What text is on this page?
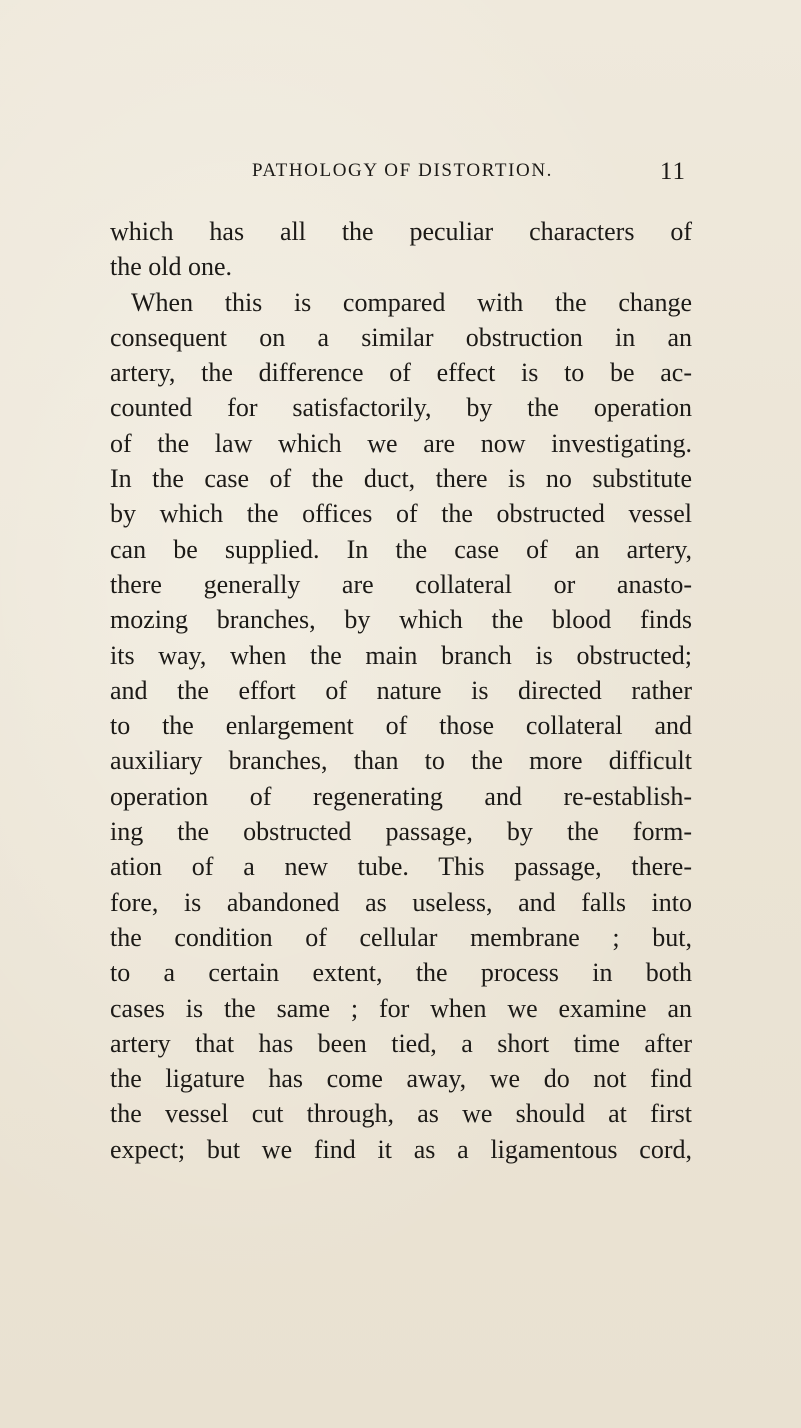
PATHOLOGY OF DISTORTION.	11
which has all the peculiar characters of
the old one.
When this is compared with the change
consequent on a similar obstruction in an
artery, the difference of effect is to be ac-
counted for satisfactorily, by the operation
of the law which we are now investigating.
In the case of the duct, there is no substitute
by which the offices of the obstructed vessel
can be supplied. In the case of an artery,
there generally are collateral or anasto-
mozing branches, by which the blood finds
its way, when the main branch is obstructed;
and the effort of nature is directed rather
to the enlargement of those collateral and
auxiliary branches, than to the more difficult
operation of regenerating and re-establish-
ing the obstructed passage, by the form-
ation of a new tube. This passage, there-
fore, is abandoned as useless, and falls into
the condition of cellular membrane ; but,
to a certain extent, the process in both
cases is the same ; for when we examine an
artery that has been tied, a short time after
the ligature has come away, we do not find
the vessel cut through, as we should at first
expect; but we find it as a ligamentous cord,
